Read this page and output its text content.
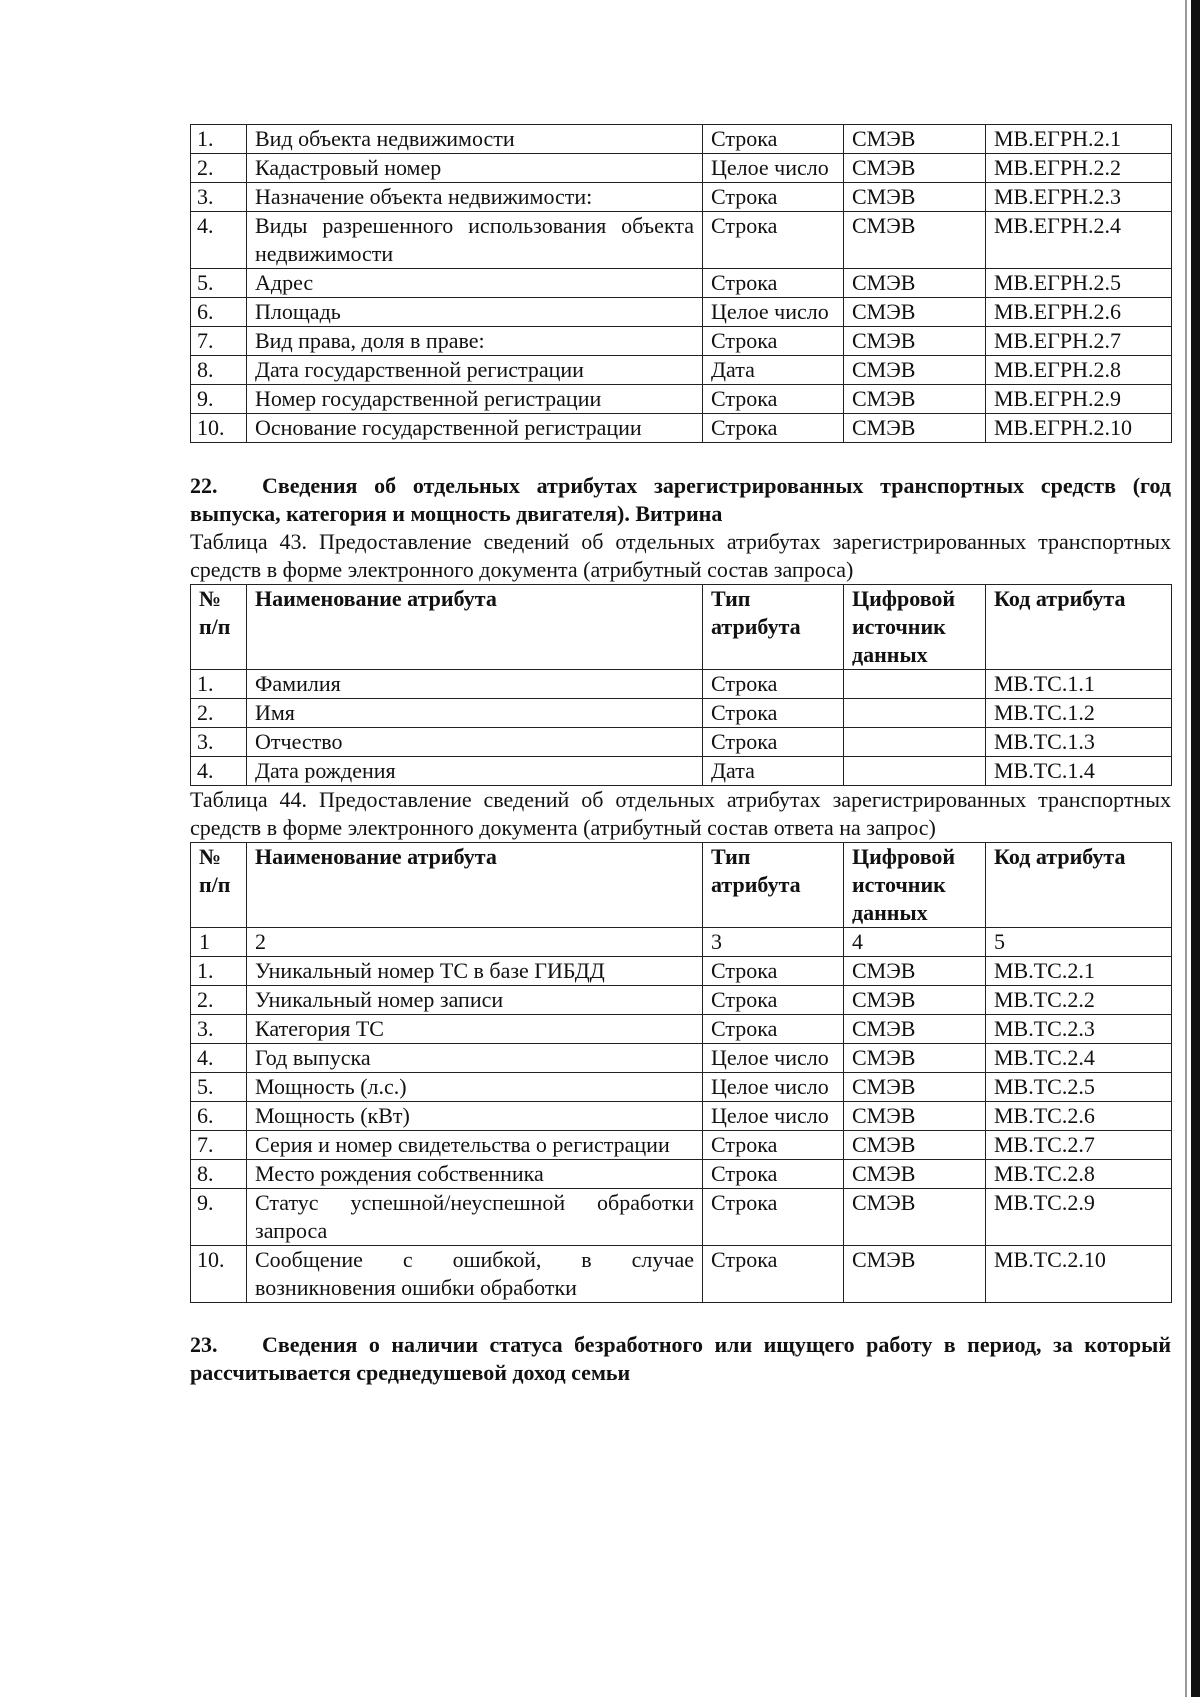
1.	Вид объекта недвижимости	Строка	СМЭВ	МВ.ЕГРН.2.1
2.	Кадастровый номер	Целое число	СМЭВ	МВ.ЕГРН.2.2
3.	Назначение объекта недвижимости:	Строка	СМЭВ	МВ.ЕГРН.2.3
4.	Виды разрешенного использования объекта недвижимости	Строка	СМЭВ	МВ.ЕГРН.2.4
5.	Адрес	Строка	СМЭВ	МВ.ЕГРН.2.5
6.	Площадь	Целое число	СМЭВ	МВ.ЕГРН.2.6
7.	Вид права, доля в праве:	Строка	СМЭВ	МВ.ЕГРН.2.7
8.	Дата государственной регистрации	Дата	СМЭВ	МВ.ЕГРН.2.8
9.	Номер государственной регистрации	Строка	СМЭВ	МВ.ЕГРН.2.9
10.	Основание государственной регистрации	Строка	СМЭВ	МВ.ЕГРН.2.10

22. Сведения об отдельных атрибутах зарегистрированных транспортных средств (год выпуска, категория и мощность двигателя). Витрина

Таблица 43. Предоставление сведений об отдельных атрибутах зарегистрированных транспортных средств в форме электронного документа (атрибутный состав запроса)

№ п/п	Наименование атрибута	Тип атрибута	Цифровой источник данных	Код атрибута
1.	Фамилия	Строка		МВ.ТС.1.1
2.	Имя	Строка		МВ.ТС.1.2
3.	Отчество	Строка		МВ.ТС.1.3
4.	Дата рождения	Дата		МВ.ТС.1.4

Таблица 44. Предоставление сведений об отдельных атрибутах зарегистрированных транспортных средств в форме электронного документа (атрибутный состав ответа на запрос)

№ п/п	Наименование атрибута	Тип атрибута	Цифровой источник данных	Код атрибута
1	2	3	4	5
1.	Уникальный номер ТС в базе ГИБДД	Строка	СМЭВ	МВ.ТС.2.1
2.	Уникальный номер записи	Строка	СМЭВ	МВ.ТС.2.2
3.	Категория ТС	Строка	СМЭВ	МВ.ТС.2.3
4.	Год выпуска	Целое число	СМЭВ	МВ.ТС.2.4
5.	Мощность (л.с.)	Целое число	СМЭВ	МВ.ТС.2.5
6.	Мощность (кВт)	Целое число	СМЭВ	МВ.ТС.2.6
7.	Серия и номер свидетельства о регистрации	Строка	СМЭВ	МВ.ТС.2.7
8.	Место рождения собственника	Строка	СМЭВ	МВ.ТС.2.8
9.	Статус успешной/неуспешной обработки запроса	Строка	СМЭВ	МВ.ТС.2.9
10.	Сообщение с ошибкой, в случае возникновения ошибки обработки	Строка	СМЭВ	МВ.ТС.2.10

23. Сведения о наличии статуса безработного или ищущего работу в период, за который рассчитывается среднедушевой доход семьи
